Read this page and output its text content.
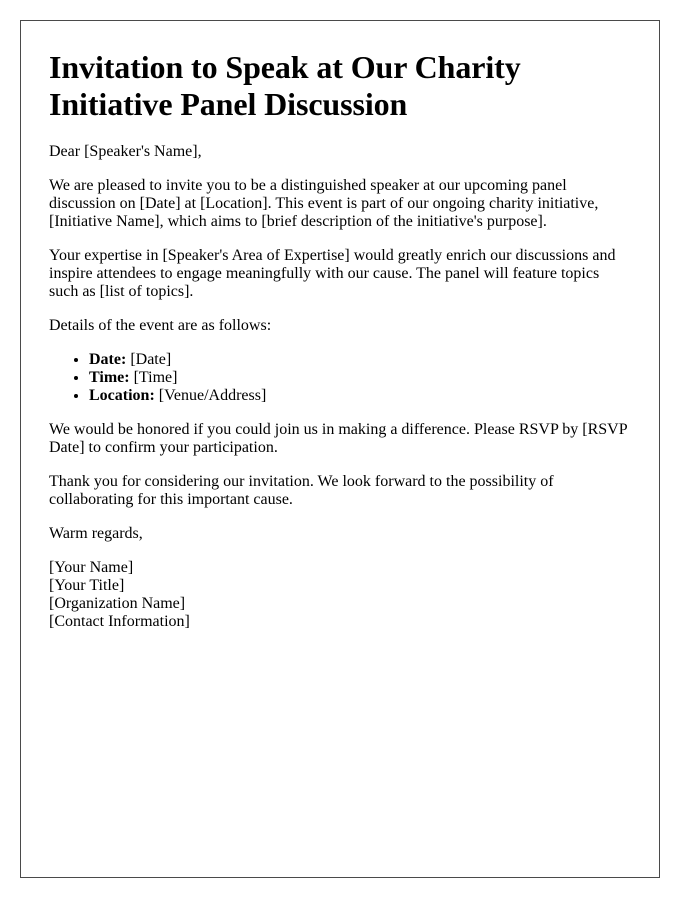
Invitation to Speak at Our Charity Initiative Panel Discussion

Dear [Speaker's Name],

We are pleased to invite you to be a distinguished speaker at our upcoming panel discussion on [Date] at [Location]. This event is part of our ongoing charity initiative, [Initiative Name], which aims to [brief description of the initiative's purpose].

Your expertise in [Speaker's Area of Expertise] would greatly enrich our discussions and inspire attendees to engage meaningfully with our cause. The panel will feature topics such as [list of topics].

Details of the event are as follows:

• Date: [Date]
• Time: [Time]
• Location: [Venue/Address]

We would be honored if you could join us in making a difference. Please RSVP by [RSVP Date] to confirm your participation.

Thank you for considering our invitation. We look forward to the possibility of collaborating for this important cause.

Warm regards,

[Your Name]

[Your Title]

[Organization Name]

[Contact Information]
